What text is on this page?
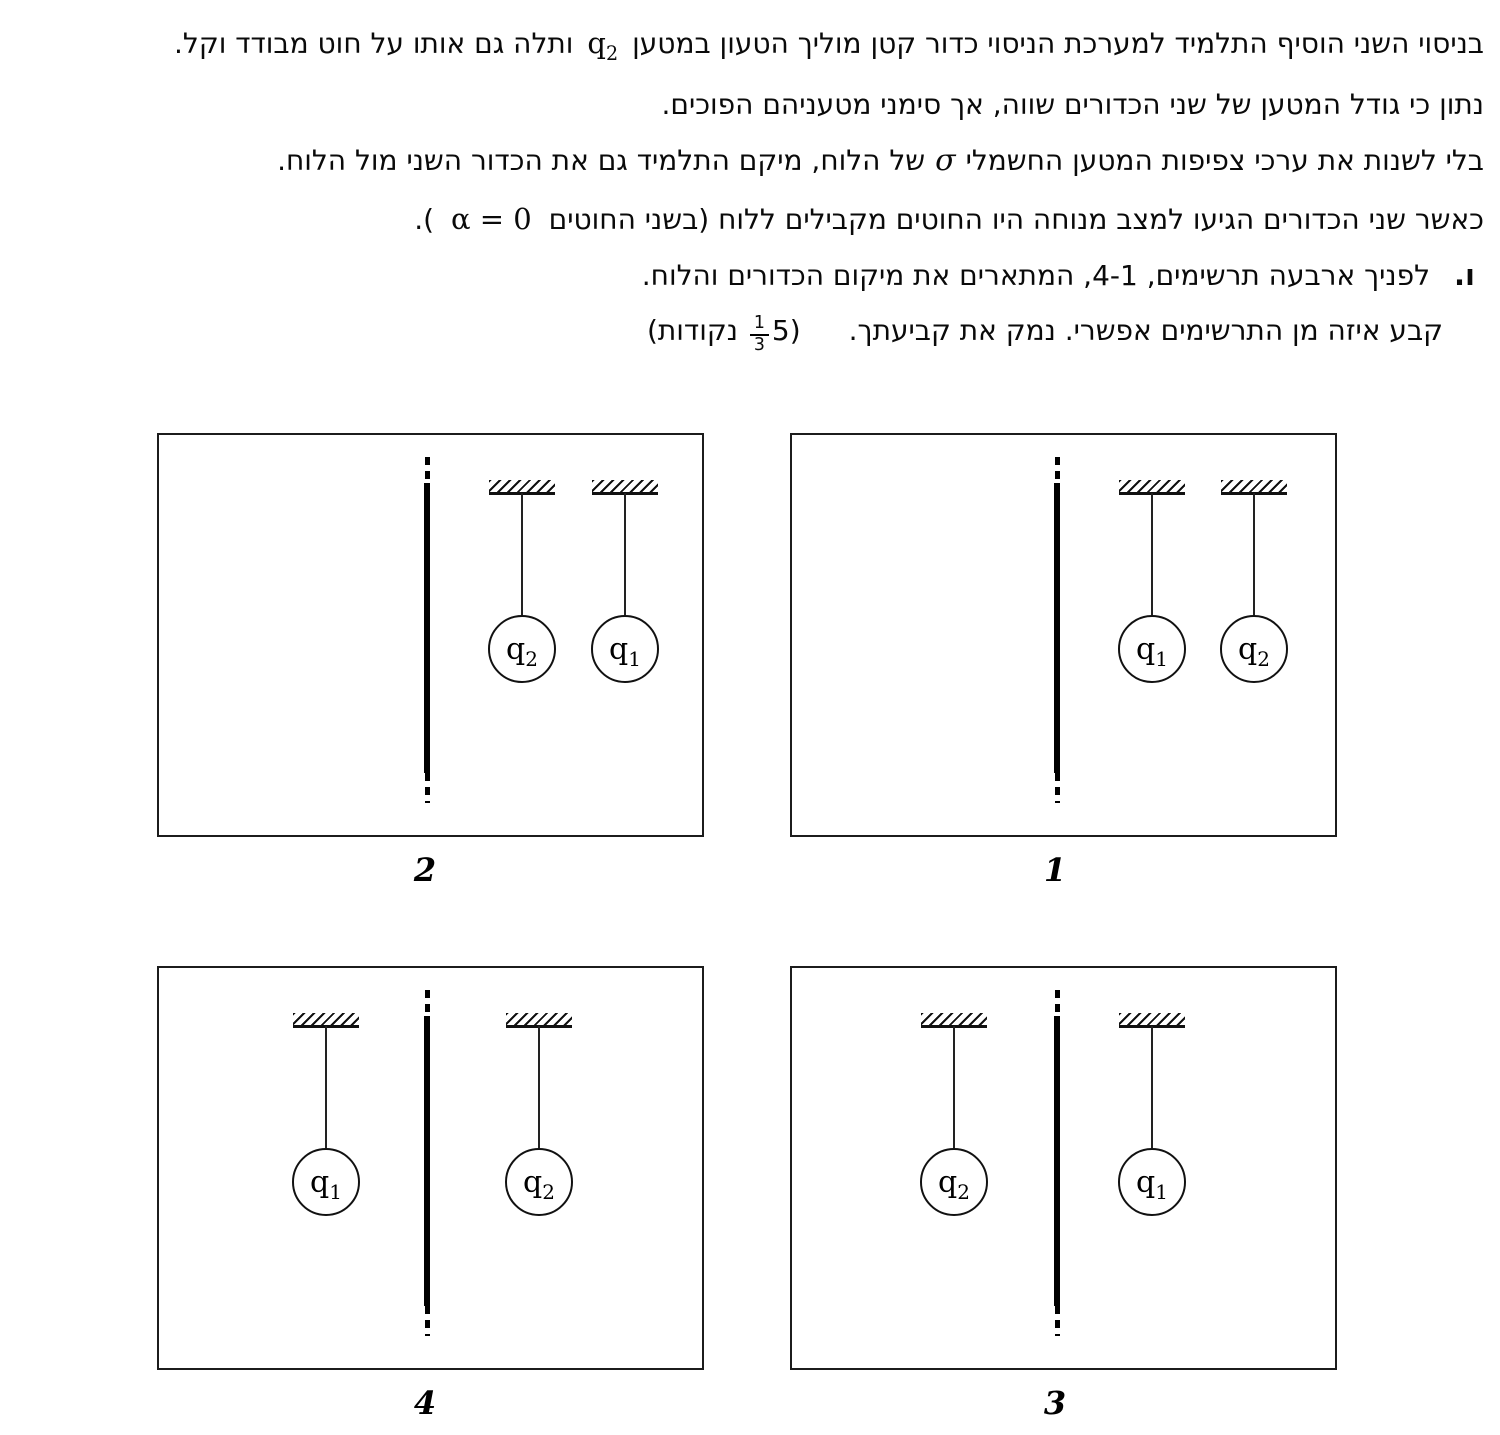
בניסוי השני הוסיף התלמיד למערכת הניסוי כדור קטן מוליך הטעון במטעןq$_2$ותלה גם אותו על חוט מבודד וקל.
נתון כי גודל המטען של שני הכדורים שווה, אך סימני מטעניהם הפוכים.
בלי לשנות את ערכי צפיפות המטען החשמליσשל הלוח, מיקם התלמיד גם את הכדור השני מול הלוח.
כאשר שני הכדורים הגיעו למצב מנוחה היו החוטים מקבילים ללוח (בשני החוטים α = 0 ).
ו.לפניך ארבעה תרשימים, 4-1, המתארים את מיקום הכדורים והלוח.
קבע איזה מן התרשימים אפשרי. נמק את קביעתך.(5
$\frac{1}{3}$
נקודות)
$q_1$ $q_2$
1
$q_2$ $q_1$
2
$q_2$	$q_1$
3
$q_1$	$q_2$
4
